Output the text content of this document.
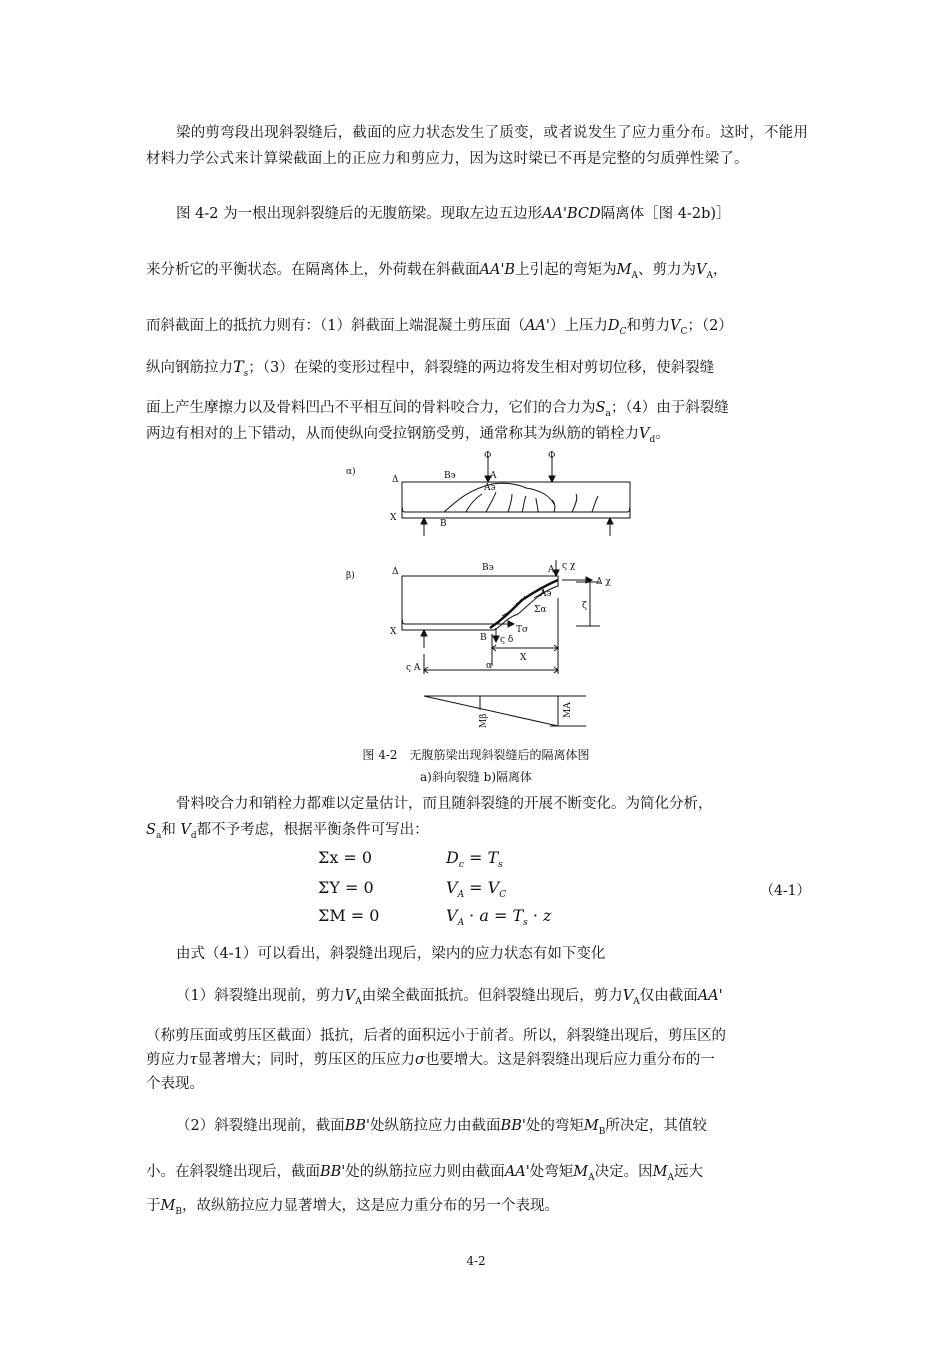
梁的剪弯段出现斜裂缝后，截面的应力状态发生了质变，或者说发生了应力重分布。这时，不能用材料力学公式来计算梁截面上的正应力和剪应力，因为这时梁已不再是完整的匀质弹性梁了。
图 4-2 为一根出现斜裂缝后的无腹筋梁。现取左边五边形AA'BCD隔离体［图 4-2b)］
来分析它的平衡状态。在隔离体上，外荷载在斜截面AA'B上引起的弯矩为$M_A$、剪力为$V_A$，
而斜截面上的抵抗力则有：（1）斜截面上端混凝土剪压面（AA'）上压力$D_C$和剪力$V_C$；（2）
纵向钢筋拉力$T_s$；（3）在梁的变形过程中，斜裂缝的两边将发生相对剪切位移，使斜裂缝
面上产生摩擦力以及骨料凹凸不平相互间的骨料咬合力，它们的合力为$S_a$；（4）由于斜裂缝
两边有相对的上下错动，从而使纵向受拉钢筋受剪，通常称其为纵筋的销栓力$V_d$。
α)
Φ	Φ
Δ
X
B϶	A
A϶
B
β)	Δ
X
B϶	A ς χ
Δ χ
A϶
Σα
Tσ
B ς δ
X
ς Α	α
ζ
Mβ
MΑ
图 4-2　无腹筋梁出现斜裂缝后的隔离体图
a)斜向裂缝 b)隔离体
骨料咬合力和销栓力都难以定量估计，而且随斜裂缝的开展不断变化。为简化分析，
$S_a$和 $V_d$都不予考虑，根据平衡条件可写出：
Σx = 0	$D_c = T_s$
ΣY = 0	$V_A = V_C$	（4-1）
ΣM = 0	$V_A \cdot a = T_s \cdot z$
由式（4-1）可以看出，斜裂缝出现后，梁内的应力状态有如下变化
（1）斜裂缝出现前，剪力$V_A$由梁全截面抵抗。但斜裂缝出现后，剪力$V_A$仅由截面AA'
（称剪压面或剪压区截面）抵抗，后者的面积远小于前者。所以，斜裂缝出现后，剪压区的
剪应力τ显著增大；同时，剪压区的压应力σ也要增大。这是斜裂缝出现后应力重分布的一
个表现。
（2）斜裂缝出现前，截面BB'处纵筋拉应力由截面BB'处的弯矩$M_B$所决定，其值较
小。在斜裂缝出现后，截面BB'处的纵筋拉应力则由截面AA'处弯矩$M_A$决定。因$M_A$远大
于$M_B$，故纵筋拉应力显著增大，这是应力重分布的另一个表现。
4-2
